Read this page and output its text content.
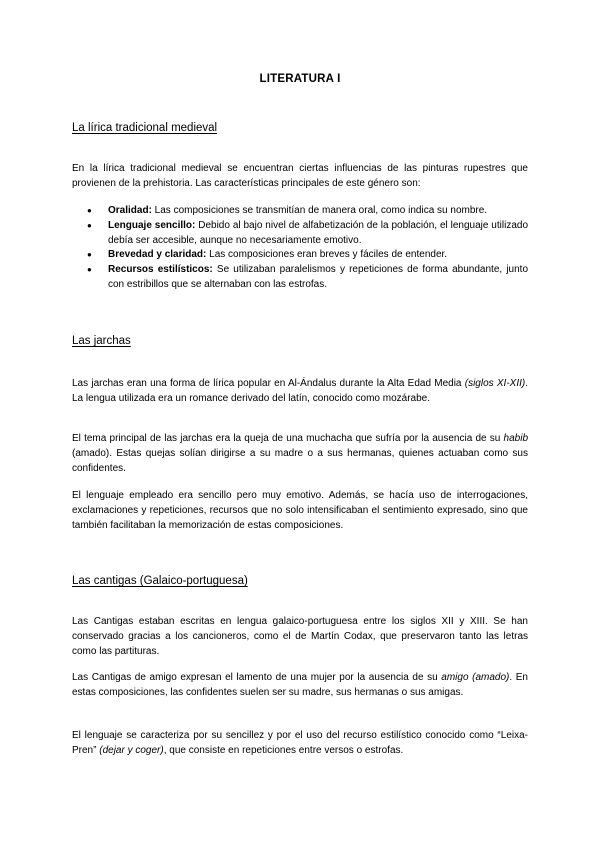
LITERATURA I
La lírica tradicional medieval

En la lírica tradicional medieval se encuentran ciertas influencias de las pinturas rupestres que provienen de la prehistoria. Las características principales de este género son:

● Oralidad: Las composiciones se transmitían de manera oral, como indica su nombre.
● Lenguaje sencillo: Debido al bajo nivel de alfabetización de la población, el lenguaje utilizado debía ser accesible, aunque no necesariamente emotivo.
● Brevedad y claridad: Las composiciones eran breves y fáciles de entender.
● Recursos estilísticos: Se utilizaban paralelismos y repeticiones de forma abundante, junto con estribillos que se alternaban con las estrofas.
Las jarchas

Las jarchas eran una forma de lírica popular en Al-Ándalus durante la Alta Edad Media (siglos XI-XII). La lengua utilizada era un romance derivado del latín, conocido como mozárabe.

El tema principal de las jarchas era la queja de una muchacha que sufría por la ausencia de su habib (amado). Estas quejas solían dirigirse a su madre o a sus hermanas, quienes actuaban como sus confidentes.

El lenguaje empleado era sencillo pero muy emotivo. Además, se hacía uso de interrogaciones, exclamaciones y repeticiones, recursos que no solo intensificaban el sentimiento expresado, sino que también facilitaban la memorización de estas composiciones.

Las cantigas (Galaico-portuguesa)

Las Cantigas estaban escritas en lengua galaico-portuguesa entre los siglos XII y XIII. Se han conservado gracias a los cancioneros, como el de Martín Codax, que preservaron tanto las letras como las partituras.

Las Cantigas de amigo expresan el lamento de una mujer por la ausencia de su amigo (amado). En estas composiciones, las confidentes suelen ser su madre, sus hermanas o sus amigas.

El lenguaje se caracteriza por su sencillez y por el uso del recurso estilístico conocido como “Leixa-Pren” (dejar y coger), que consiste en repeticiones entre versos o estrofas.
